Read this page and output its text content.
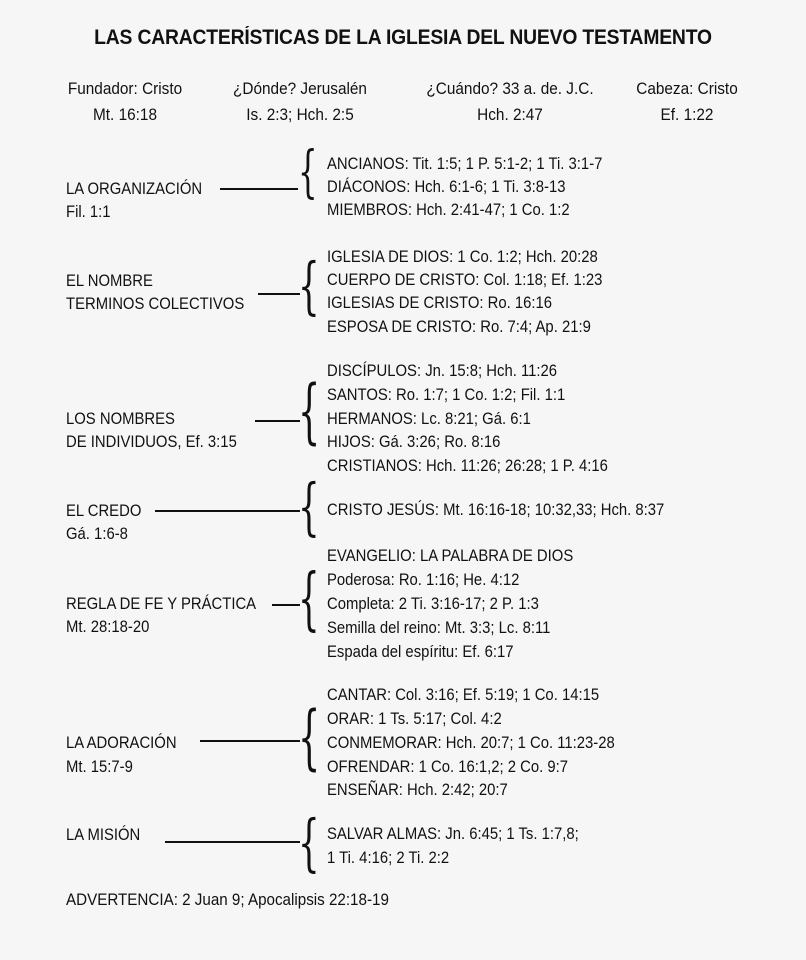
LAS CARACTERÍSTICAS DE LA IGLESIA DEL NUEVO TESTAMENTO
Fundador: Cristo
Mt. 16:18
¿Dónde? Jerusalén
Is. 2:3; Hch. 2:5
¿Cuándo? 33 a. de. J.C.
Hch. 2:47
Cabeza: Cristo
Ef. 1:22
LA ORGANIZACIÓN
Fil. 1:1
{ ANCIANOS: Tit. 1:5; 1 P. 5:1-2; 1 Ti. 3:1-7
DIÁCONOS: Hch. 6:1-6; 1 Ti. 3:8-13
MIEMBROS: Hch. 2:41-47; 1 Co. 1:2
EL NOMBRE
TERMINOS COLECTIVOS { IGLESIA DE DIOS: 1 Co. 1:2; Hch. 20:28
CUERPO DE CRISTO: Col. 1:18; Ef. 1:23
IGLESIAS DE CRISTO: Ro. 16:16
ESPOSA DE CRISTO: Ro. 7:4; Ap. 21:9
LOS NOMBRES
DE INDIVIDUOS, Ef. 3:15 { DISCÍPULOS: Jn. 15:8; Hch. 11:26
SANTOS: Ro. 1:7; 1 Co. 1:2; Fil. 1:1
HERMANOS: Lc. 8:21; Gá. 6:1
HIJOS: Gá. 3:26; Ro. 8:16
CRISTIANOS: Hch. 11:26; 26:28; 1 P. 4:16
EL CREDO
Gá. 1:6-8	{ CRISTO JESÚS: Mt. 16:16-18; 10:32,33; Hch. 8:37
REGLA DE FE Y PRÁCTICA
Mt. 28:18-20 {
EVANGELIO: LA PALABRA DE DIOS
Poderosa: Ro. 1:16; He. 4:12
Completa: 2 Ti. 3:16-17; 2 P. 1:3
Semilla del reino: Mt. 3:3; Lc. 8:11
Espada del espíritu: Ef. 6:17
LA ADORACIÓN
Mt. 15:7-9 {
CANTAR: Col. 3:16; Ef. 5:19; 1 Co. 14:15
ORAR: 1 Ts. 5:17; Col. 4:2
CONMEMORAR: Hch. 20:7; 1 Co. 11:23-28
OFRENDAR: 1 Co. 16:1,2; 2 Co. 9:7
ENSEÑAR: Hch. 2:42; 20:7
LA MISIÓN	{ SALVAR ALMAS: Jn. 6:45; 1 Ts. 1:7,8;
1 Ti. 4:16; 2 Ti. 2:2
ADVERTENCIA: 2 Juan 9; Apocalipsis 22:18-19
